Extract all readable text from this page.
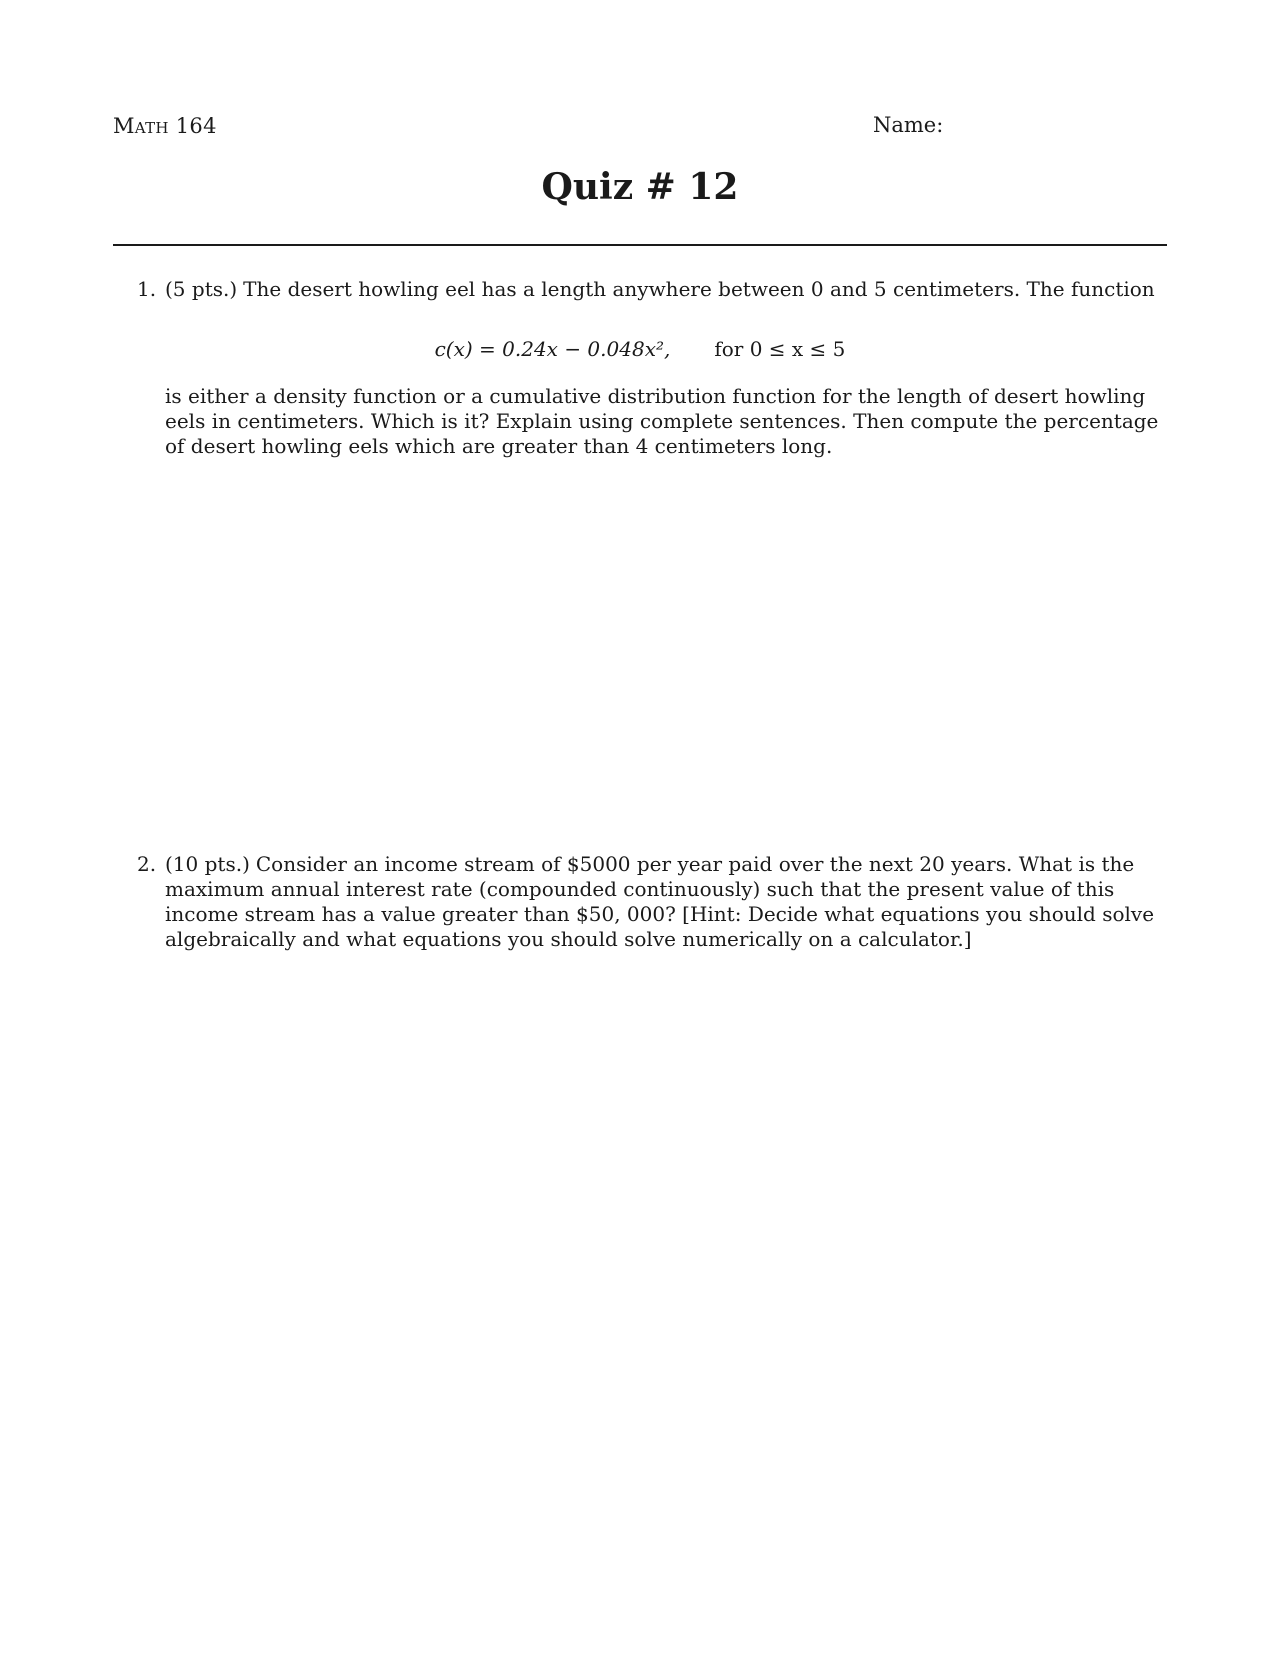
Math 164	Name:
Quiz # 12
1. (5 pts.) The desert howling eel has a length anywhere between 0 and 5 centimeters. The function
c(x) = 0.24x − 0.048x², for 0 ≤ x ≤ 5
is either a density function or a cumulative distribution function for the length of desert howling eels in centimeters. Which is it? Explain using complete sentences. Then compute the percentage of desert howling eels which are greater than 4 centimeters long.
2. (10 pts.) Consider an income stream of $5000 per year paid over the next 20 years. What is the maximum annual interest rate (compounded continuously) such that the present value of this income stream has a value greater than $50, 000? [Hint: Decide what equations you should solve algebraically and what equations you should solve numerically on a calculator.]
